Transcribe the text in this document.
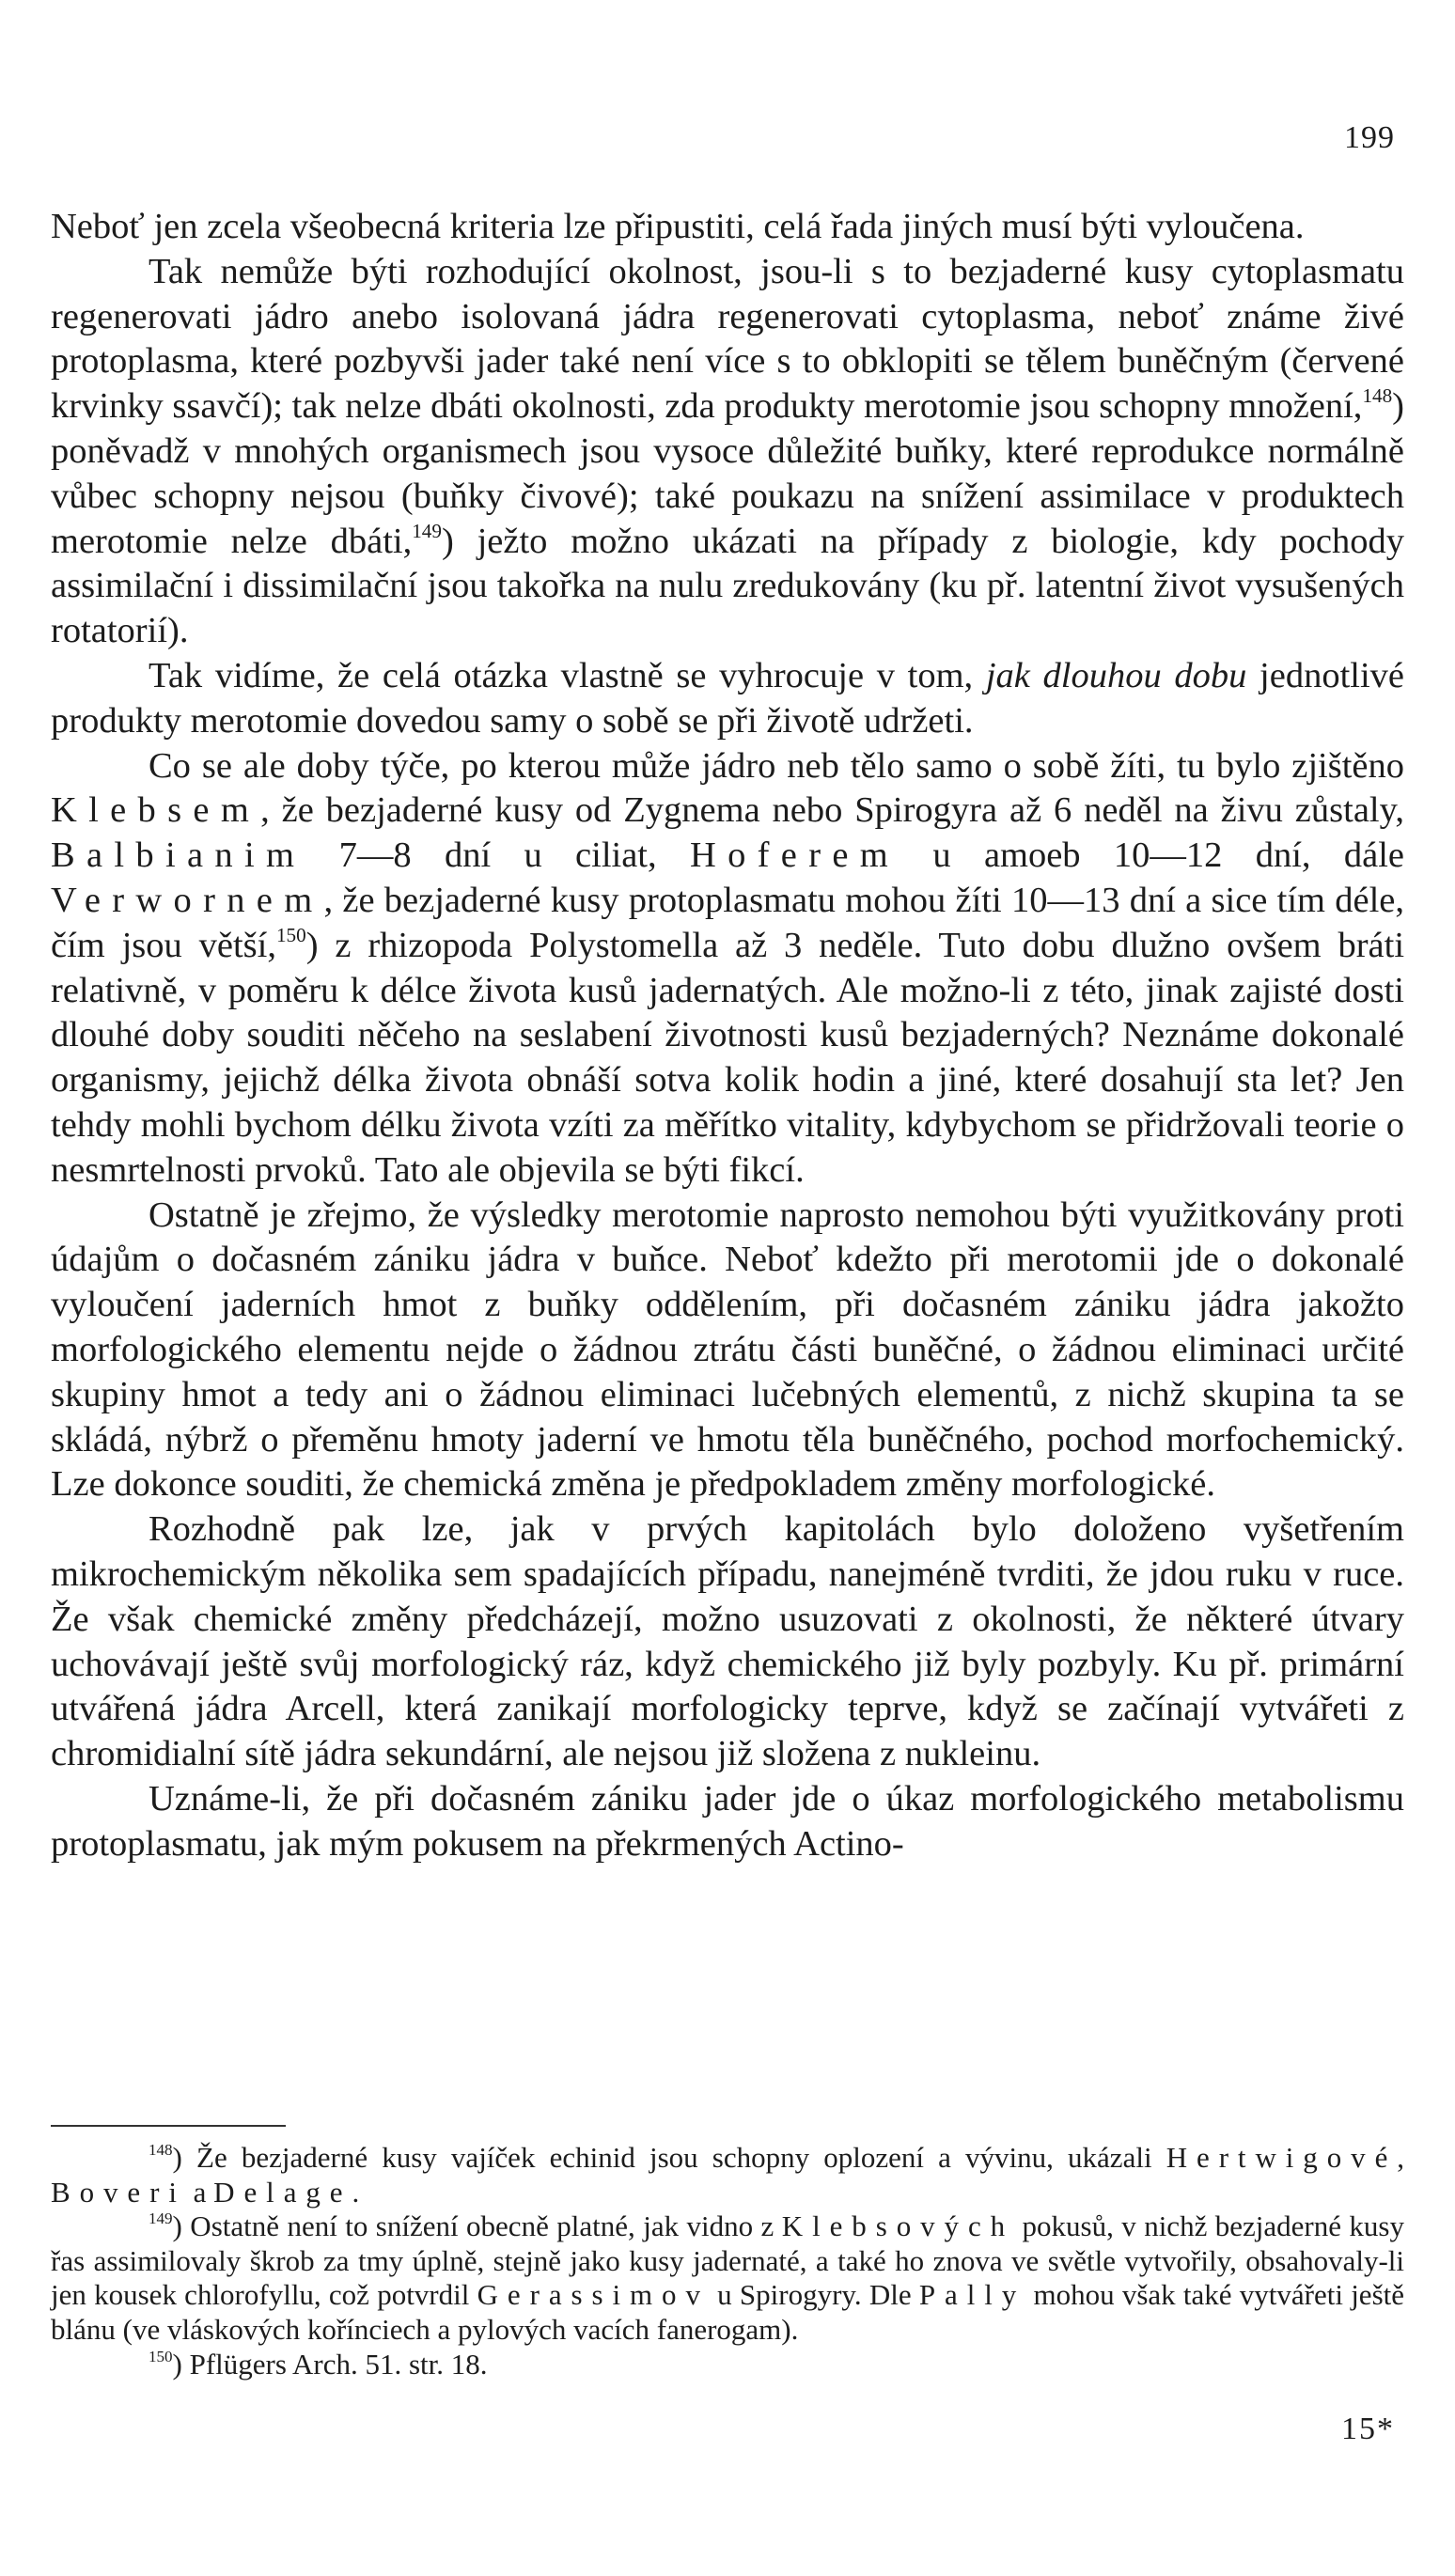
199

Neboť jen zcela všeobecná kriteria lze připustiti, celá řada jiných musí býti vyloučena.

Tak nemůže býti rozhodující okolnost, jsou-li s to bezjaderné kusy cytoplasmatu regenerovati jádro anebo isolovaná jádra regenerovati cytoplasma, neboť známe živé protoplasma, které pozbyvši jader také není více s to obklopiti se tělem buněčným (červené krvinky ssavčí); tak nelze dbáti okolnosti, zda produkty merotomie jsou schopny množení,$^{148}$) poněvadž v mnohých organismech jsou vysoce důležité buňky, které reprodukce normálně vůbec schopny nejsou (buňky čivové); také poukazu na snížení assimilace v produktech merotomie nelze dbáti,$^{149}$) ježto možno ukázati na případy z biologie, kdy pochody assimilační i dissimilační jsou takořka na nulu zredukovány (ku př. latentní život vysušených rotatorií).

Tak vidíme, že celá otázka vlastně se vyhrocuje v tom, jak dlouhou dobu jednotlivé produkty merotomie dovedou samy o sobě se při životě udržeti.

Co se ale doby týče, po kterou může jádro neb tělo samo o sobě žíti, tu bylo zjištěno Klebsem, že bezjaderné kusy od Zygnema nebo Spirogyra až 6 neděl na živu zůstaly, Balbianim 7—8 dní u ciliat, Hoferem u amoeb 10—12 dní, dále Verwornem, že bezjaderné kusy protoplasmatu mohou žíti 10—13 dní a sice tím déle, čím jsou větší,$^{150}$) z rhizopoda Polystomella až 3 neděle. Tuto dobu dlužno ovšem bráti relativně, v poměru k délce života kusů jadernatých. Ale možno-li z této, jinak zajisté dosti dlouhé doby souditi něčeho na seslabení životnosti kusů bezjaderných? Neznáme dokonalé organismy, jejichž délka života obnáší sotva kolik hodin a jiné, které dosahují sta let? Jen tehdy mohli bychom délku života vzíti za měřítko vitality, kdybychom se přidržovali teorie o nesmrtelnosti prvoků. Tato ale objevila se býti fikcí.

Ostatně je zřejmo, že výsledky merotomie naprosto nemohou býti využitkovány proti údajům o dočasném zániku jádra v buňce. Neboť kdežto při merotomii jde o dokonalé vyloučení jaderních hmot z buňky oddělením, při dočasném zániku jádra jakožto morfologického elementu nejde o žádnou ztrátu části buněčné, o žádnou eliminaci určité skupiny hmot a tedy ani o žádnou eliminaci lučebných elementů, z nichž skupina ta se skládá, nýbrž o přeměnu hmoty jaderní ve hmotu těla buněčného, pochod morfochemický. Lze dokonce souditi, že chemická změna je předpokladem změny morfologické.

Rozhodně pak lze, jak v prvých kapitolách bylo doloženo vyšetřením mikrochemickým několika sem spadajících případu, nanejméně tvrditi, že jdou ruku v ruce. Že však chemické změny předcházejí, možno usuzovati z okolnosti, že některé útvary uchovávají ještě svůj morfologický ráz, když chemického již byly pozbyly. Ku př. primární utvářená jádra Arcell, která zanikají morfologicky teprve, když se začínají vytvářeti z chromidialní sítě jádra sekundární, ale nejsou již složena z nukleinu.

Uznáme-li, že při dočasném zániku jader jde o úkaz morfologického metabolismu protoplasmatu, jak mým pokusem na překrmených Actino-

$^{148}$) Že bezjaderné kusy vajíček echinid jsou schopny oplození a vývinu, ukázali Hertwigové, Boveri a Delage.

$^{149}$) Ostatně není to snížení obecně platné, jak vidno z Klebsových pokusů, v nichž bezjaderné kusy řas assimilovaly škrob za tmy úplně, stejně jako kusy jadernaté, a také ho znova ve světle vytvořily, obsahovaly-li jen kousek chlorofyllu, což potvrdil Gerassimov u Spirogyry. Dle Pally mohou však také vytvářeti ještě blánu (ve vláskových kořínciech a pylových vacích fanerogam).

$^{150}$) Pflügers Arch. 51. str. 18.

15*
